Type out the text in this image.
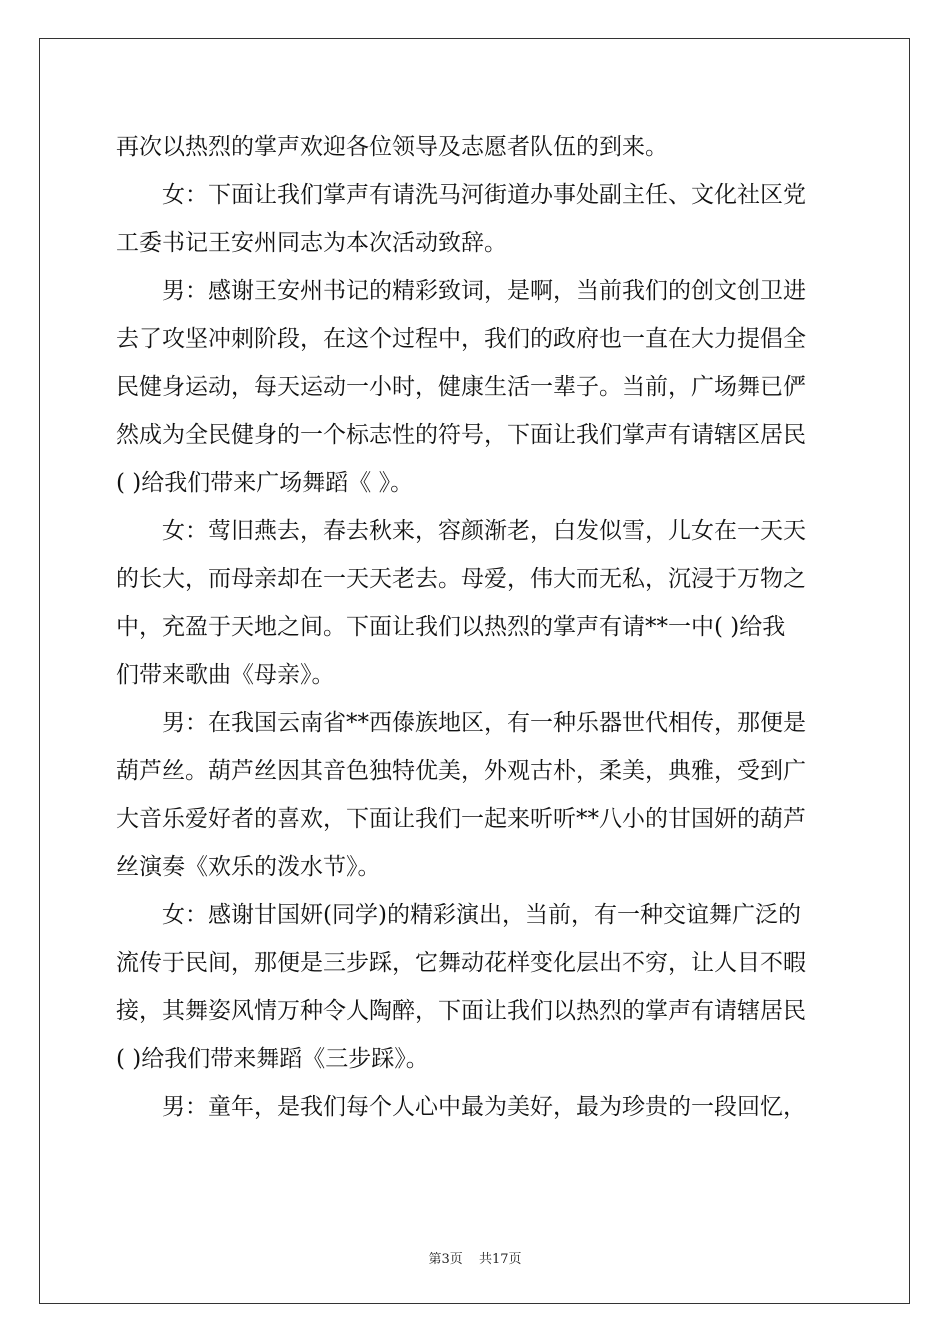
再次以热烈的掌声欢迎各位领导及志愿者队伍的到来。
　　女：下面让我们掌声有请洗马河街道办事处副主任、文化社区党
工委书记王安州同志为本次活动致辞。
　　男：感谢王安州书记的精彩致词，是啊，当前我们的创文创卫进
去了攻坚冲刺阶段，在这个过程中，我们的政府也一直在大力提倡全
民健身运动，每天运动一小时，健康生活一辈子。当前，广场舞已俨
然成为全民健身的一个标志性的符号，下面让我们掌声有请辖区居民
( )给我们带来广场舞蹈《 》。
　　女：莺旧燕去，春去秋来，容颜渐老，白发似雪，儿女在一天天
的长大，而母亲却在一天天老去。母爱，伟大而无私，沉浸于万物之
中，充盈于天地之间。下面让我们以热烈的掌声有请**一中( )给我
们带来歌曲《母亲》。
　　男：在我国云南省**西傣族地区，有一种乐器世代相传，那便是
葫芦丝。葫芦丝因其音色独特优美，外观古朴，柔美，典雅，受到广
大音乐爱好者的喜欢，下面让我们一起来听听**八小的甘国妍的葫芦
丝演奏《欢乐的泼水节》。
　　女：感谢甘国妍(同学)的精彩演出，当前，有一种交谊舞广泛的
流传于民间，那便是三步踩，它舞动花样变化层出不穷，让人目不暇
接，其舞姿风情万种令人陶醉，下面让我们以热烈的掌声有请辖居民
( )给我们带来舞蹈《三步踩》。
　　男：童年，是我们每个人心中最为美好，最为珍贵的一段回忆，
第3页 共17页
